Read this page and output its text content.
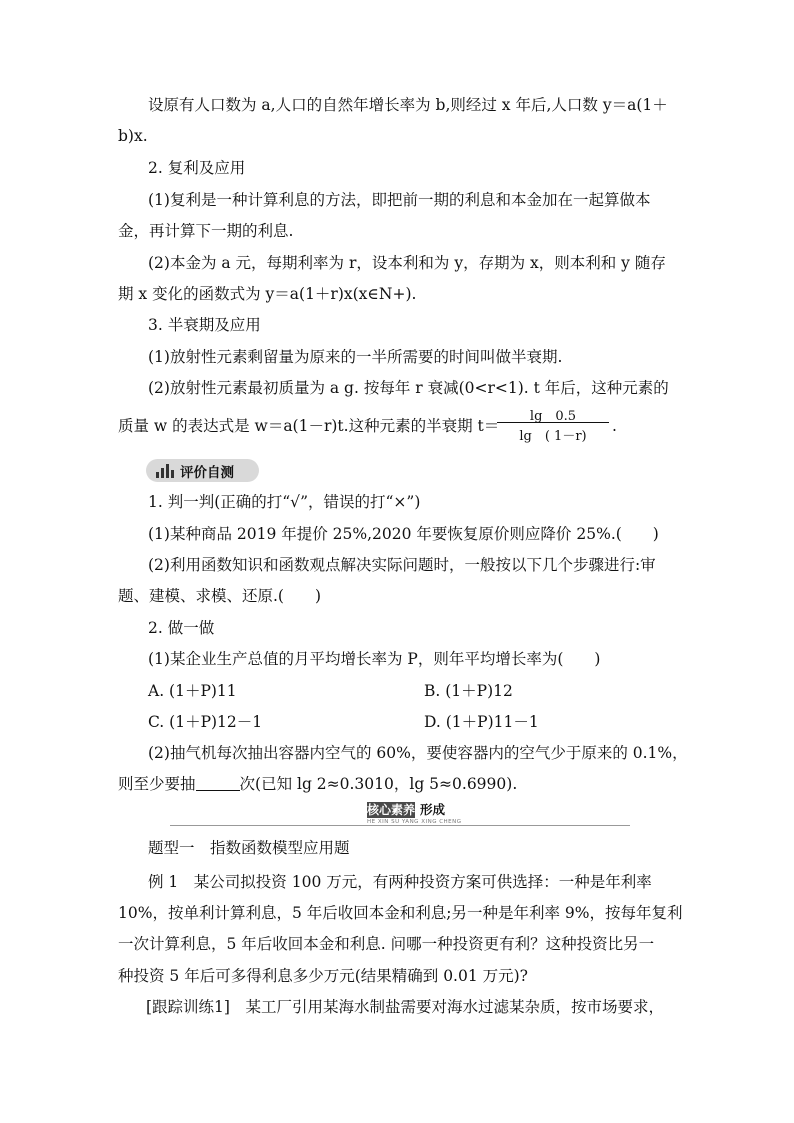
设原有人口数为 a,人口的自然年增长率为 b,则经过 x 年后,人口数 y＝a(1＋
b)x.
2. 复利及应用
(1)复利是一种计算利息的方法，即把前一期的利息和本金加在一起算做本
金，再计算下一期的利息.
(2)本金为 a 元，每期利率为 r，设本利和为 y，存期为 x，则本利和 y 随存
期 x 变化的函数式为 y＝a(1＋r)x(x∈N+).
3. 半衰期及应用
(1)放射性元素剩留量为原来的一半所需要的时间叫做半衰期.
(2)放射性元素最初质量为 a g. 按每年 r 衰减(0<r<1). t 年后，这种元素的
质量 w 的表达式是 w＝a(1－r)t.这种元素的半衰期 t＝
$\frac{\lg 0.5}{\lg ( 1-r)}$ .
评价自测
1. 判一判(正确的打“√”，错误的打“×”)
(1)某种商品 2019 年提价 25%,2020 年要恢复原价则应降价 25%.(　　)
(2)利用函数知识和函数观点解决实际问题时，一般按以下几个步骤进行:审
题、建模、求模、还原.(　　)
2. 做一做
(1)某企业生产总值的月平均增长率为 P，则年平均增长率为(　　)
A. (1＋P)11	B. (1＋P)12
C. (1＋P)12－1	D. (1＋P)11－1
(2)抽气机每次抽出容器内空气的 60%，要使容器内的空气少于原来的 0.1%，
则至少要抽	次(已知 lg 2≈0.3010，lg 5≈0.6990).
核心素养 形成
HE XIN SU YANG XING CHENG
题型一　指数函数模型应用题
例 1　某公司拟投资 100 万元，有两种投资方案可供选择：一种是年利率
10%，按单利计算利息，5 年后收回本金和利息;另一种是年利率 9%，按每年复利
一次计算利息，5 年后收回本金和利息. 问哪一种投资更有利？这种投资比另一
种投资 5 年后可多得利息多少万元(结果精确到 0.01 万元)?
[跟踪训练1]　某工厂引用某海水制盐需要对海水过滤某杂质，按市场要求，
